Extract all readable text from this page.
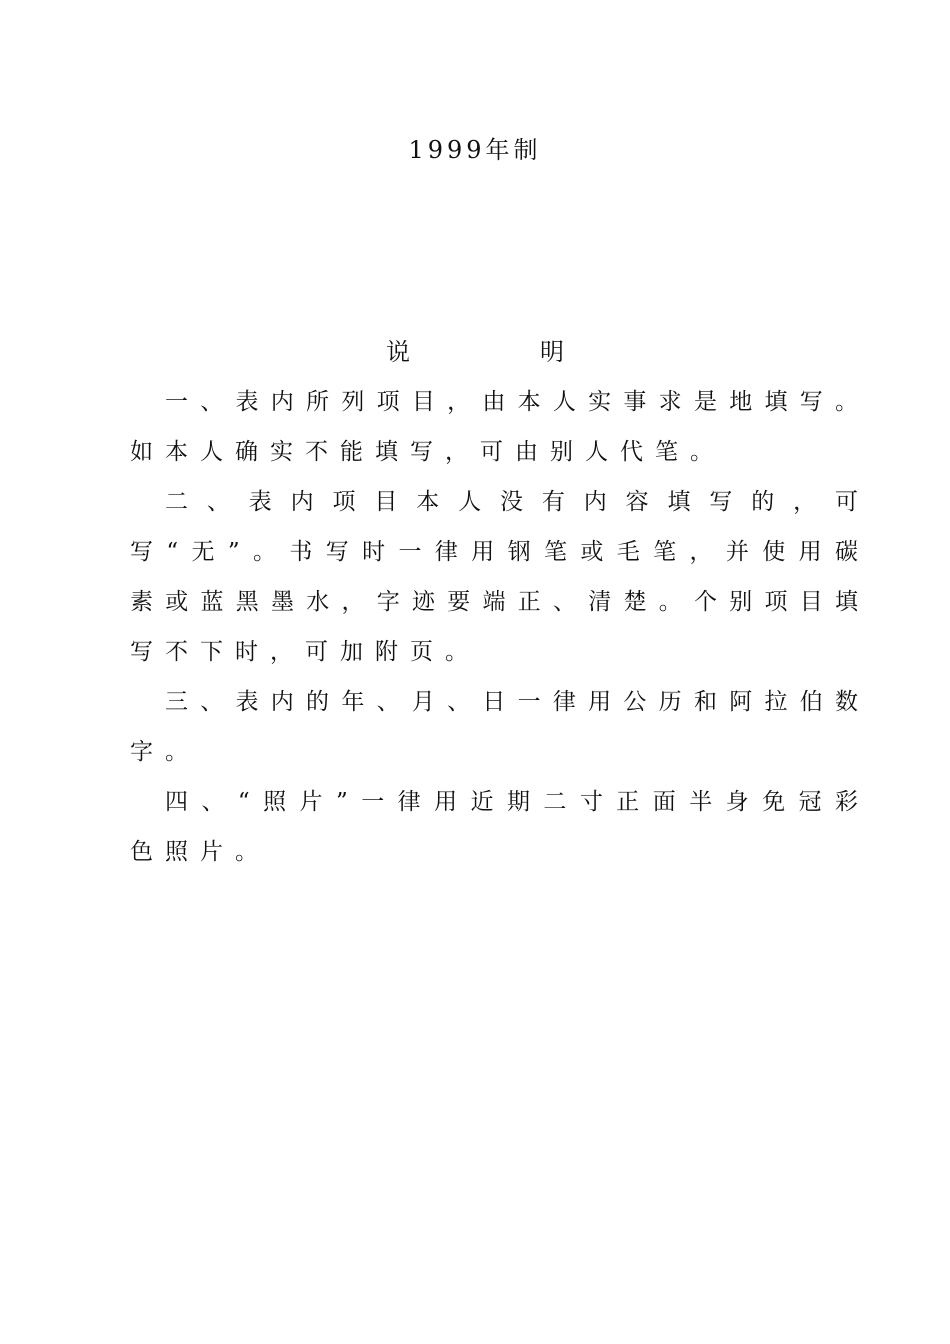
1999年制
说	明

一、表内所列项目，由本人实事求是地填写。如本人确实不能填写，可由别人代笔。

二、表内项目本人没有内容填写的，可写“无”。书写时一律用钢笔或毛笔，并使用碳素或蓝黑墨水，字迹要端正、清楚。个别项目填写不下时，可加附页。

三、表内的年、月、日一律用公历和阿拉伯数字。

四、“照片”一律用近期二寸正面半身免冠彩色照片。
